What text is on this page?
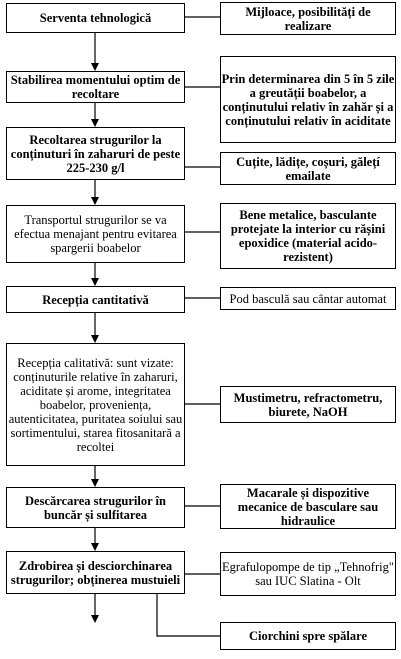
Serventa tehnologică
Stabilirea momentului optim de recoltare
Recoltarea strugurilor la conținuturi în zaharuri de peste 225-230 g/l
Transportul strugurilor se va efectua menajant pentru evitarea spargerii boabelor
Recepția cantitativă
Recepția calitativă: sunt vizate: conținuturile relative în zaharuri, aciditate și arome, integritatea boabelor, proveniența, autenticitatea, puritatea soiului sau sortimentului, starea fitosanitară a recoltei
Descărcarea strugurilor în buncăr și sulfitarea
Zdrobirea și desciorchinarea strugurilor; obținerea mustuieli
Mijloace, posibilități de realizare
Prin determinarea din 5 în 5 zile a greutății boabelor, a conținutului relativ în zahăr și a conținutului relativ în aciditate
Cuțite, lădițe, coșuri, gălețí emailate
Bene metalice, basculante protejate la interior cu rășini epoxidice (material acido-rezistent)
Pod basculă sau cântar automat
Mustimetru, refractometru, biurete, NaOH
Macarale și dispozitive mecanice de basculare sau hidraulice
Egrafulopompe de tip „Tehnofrig" sau IUC Slatina - Olt
Ciorchini spre spălare
